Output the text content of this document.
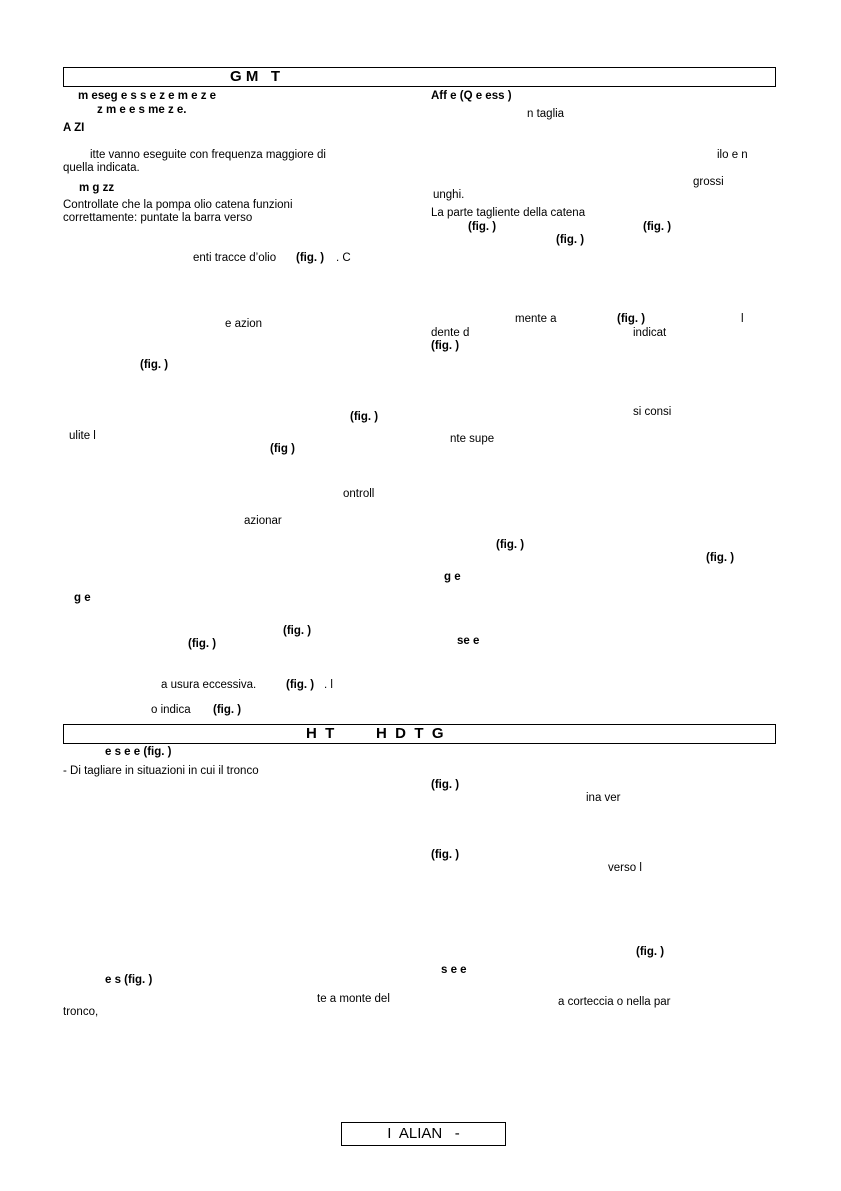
G M   T
m eseg e s s e z e m e z e
z m e e s me z e.
A ZI
itte vanno eseguite con frequenza maggiore di
quella indicata.
m g zz
Controllate che la pompa olio catena funzioni
correttamente: puntate la barra verso
enti tracce d’olio (fig. ) . C
e azion
(fig. )
(fig. )
ulite l
(fig )
ontroll
azionar
g e
(fig. )
(fig. )
a usura eccessiva.	(fig. ) . l
o indica (fig. )
Aff e (Q e ess )
n taglia
ilo e n
grossi
unghi.
La parte tagliente della catena
(fig. )	(fig. )
(fig. )
mente a	(fig. )	l
dente d	indicat
(fig. )
si consi
nte supe
(fig. )
(fig. )
g e
se e
H  T          H  D  T  G
e s e e (fig. )
- Di tagliare in situazioni in cui il tronco
e s (fig. )
te a monte del
tronco,
(fig. )
ina ver
(fig. )
verso l
(fig. )
s e e
a corteccia o nella par
I  ALIAN   -
